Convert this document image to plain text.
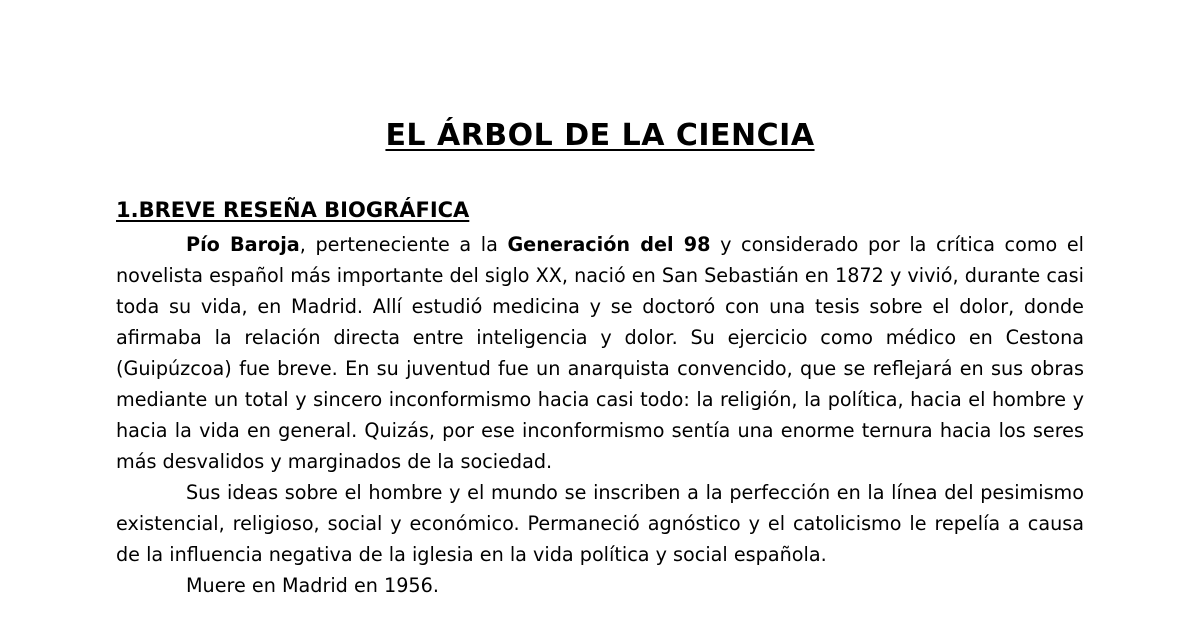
EL ÁRBOL DE LA CIENCIA
1.BREVE RESEÑA BIOGRÁFICA

Pío Baroja, perteneciente a la Generación del 98 y considerado por la crítica como el novelista español más importante del siglo XX, nació en San Sebastián en 1872 y vivió, durante casi toda su vida, en Madrid. Allí estudió medicina y se doctoró con una tesis sobre el dolor, donde afirmaba la relación directa entre inteligencia y dolor. Su ejercicio como médico en Cestona (Guipúzcoa) fue breve. En su juventud fue un anarquista convencido, que se reflejará en sus obras mediante un total y sincero inconformismo hacia casi todo: la religión, la política, hacia el hombre y hacia la vida en general. Quizás, por ese inconformismo sentía una enorme ternura hacia los seres más desvalidos y marginados de la sociedad.

Sus ideas sobre el hombre y el mundo se inscriben a la perfección en la línea del pesimismo existencial, religioso, social y económico. Permaneció agnóstico y el catolicismo le repelía a causa de la influencia negativa de la iglesia en la vida política y social española.

Muere en Madrid en 1956.
